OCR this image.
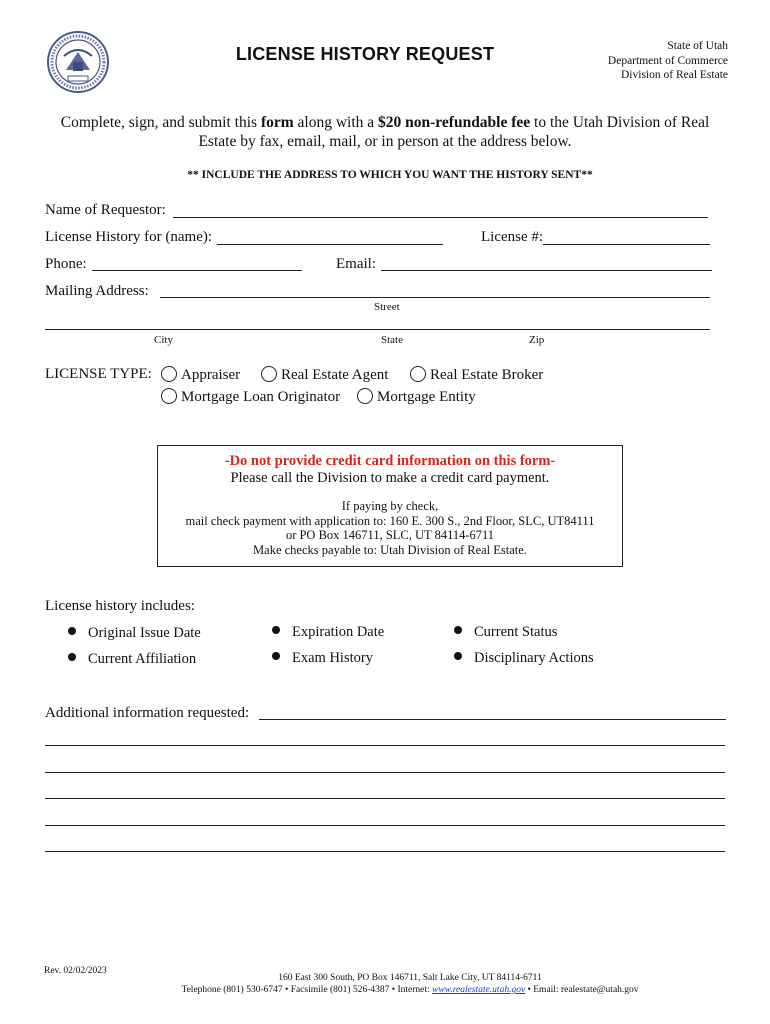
LICENSE HISTORY REQUEST	State of Utah
Department of Commerce
Division of Real Estate
Complete, sign, and submit this form along with a $20 non-refundable fee to the Utah Division of Real Estate by fax, email, mail, or in person at the address below.
** INCLUDE THE ADDRESS TO WHICH YOU WANT THE HISTORY SENT**
Name of Requestor:
License History for (name):	License #:
Phone:	Email:
Mailing Address:
Street
City	State	Zip
LICENSE TYPE:	Appraiser	Real Estate Agent	Real Estate Broker
Mortgage Loan Originator	Mortgage Entity
-Do not provide credit card information on this form-
Please call the Division to make a credit card payment.
If paying by check,
mail check payment with application to: 160 E. 300 S., 2nd Floor, SLC, UT84111
or PO Box 146711, SLC, UT 84114-6711
Make checks payable to: Utah Division of Real Estate.
License history includes:
Original Issue Date	Expiration Date	Current Status
Current Affiliation	Exam History	Disciplinary Actions
Additional information requested:
Rev. 02/02/2023
160 East 300 South, PO Box 146711, Salt Lake City, UT 84114-6711
Telephone (801) 530-6747 • Facsimile (801) 526-4387 • Internet: www.realestate.utah.gov • Email: realestate@utah.gov
